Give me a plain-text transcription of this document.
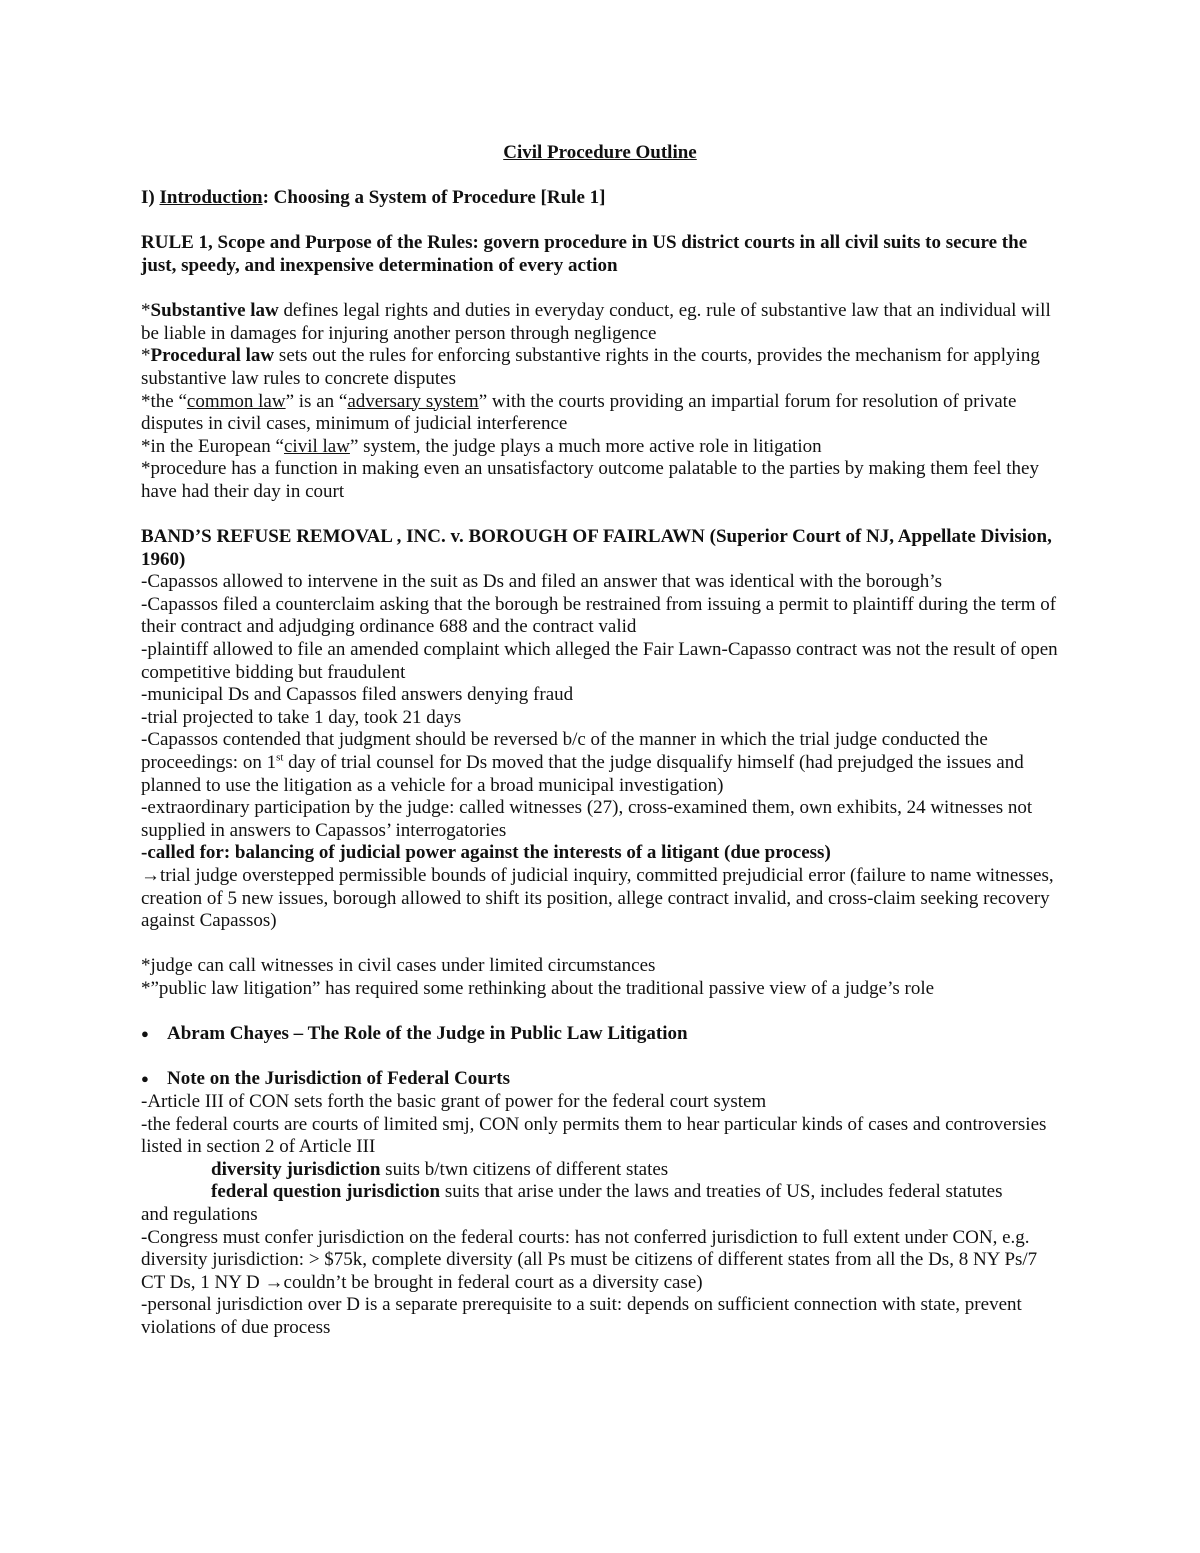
Civil Procedure Outline

I) Introduction: Choosing a System of Procedure [Rule 1]

RULE 1, Scope and Purpose of the Rules: govern procedure in US district courts in all civil suits to secure the just, speedy, and inexpensive determination of every action

*Substantive law defines legal rights and duties in everyday conduct, eg. rule of substantive law that an individual will be liable in damages for injuring another person through negligence

*Procedural law sets out the rules for enforcing substantive rights in the courts, provides the mechanism for applying substantive law rules to concrete disputes

*the “common law” is an “adversary system” with the courts providing an impartial forum for resolution of private disputes in civil cases, minimum of judicial interference

*in the European “civil law” system, the judge plays a much more active role in litigation

*procedure has a function in making even an unsatisfactory outcome palatable to the parties by making them feel they have had their day in court

BAND’S REFUSE REMOVAL , INC. v. BOROUGH OF FAIRLAWN (Superior Court of NJ, Appellate Division, 1960)

-Capassos allowed to intervene in the suit as Ds and filed an answer that was identical with the borough’s

-Capassos filed a counterclaim asking that the borough be restrained from issuing a permit to plaintiff during the term of their contract and adjudging ordinance 688 and the contract valid

-plaintiff allowed to file an amended complaint which alleged the Fair Lawn-Capasso contract was not the result of open competitive bidding but fraudulent

-municipal Ds and Capassos filed answers denying fraud

-trial projected to take 1 day, took 21 days

-Capassos contended that judgment should be reversed b/c of the manner in which the trial judge conducted the proceedings: on 1st day of trial counsel for Ds moved that the judge disqualify himself (had prejudged the issues and planned to use the litigation as a vehicle for a broad municipal investigation)

-extraordinary participation by the judge: called witnesses (27), cross-examined them, own exhibits, 24 witnesses not supplied in answers to Capassos’ interrogatories

-called for: balancing of judicial power against the interests of a litigant (due process)

→trial judge overstepped permissible bounds of judicial inquiry, committed prejudicial error (failure to name witnesses, creation of 5 new issues, borough allowed to shift its position, allege contract invalid, and cross-claim seeking recovery against Capassos)

*judge can call witnesses in civil cases under limited circumstances

*”public law litigation” has required some rethinking about the traditional passive view of a judge’s role

● Abram Chayes – The Role of the Judge in Public Law Litigation

● Note on the Jurisdiction of Federal Courts

-Article III of CON sets forth the basic grant of power for the federal court system

-the federal courts are courts of limited smj, CON only permits them to hear particular kinds of cases and controversies listed in section 2 of Article III

diversity jurisdiction suits b/twn citizens of different states

federal question jurisdiction suits that arise under the laws and treaties of US, includes federal statutes

and regulations

-Congress must confer jurisdiction on the federal courts: has not conferred jurisdiction to full extent under CON, e.g. diversity jurisdiction: > $75k, complete diversity (all Ps must be citizens of different states from all the Ds, 8 NY Ps/7 CT Ds, 1 NY D →couldn’t be brought in federal court as a diversity case)

-personal jurisdiction over D is a separate prerequisite to a suit: depends on sufficient connection with state, prevent violations of due process
